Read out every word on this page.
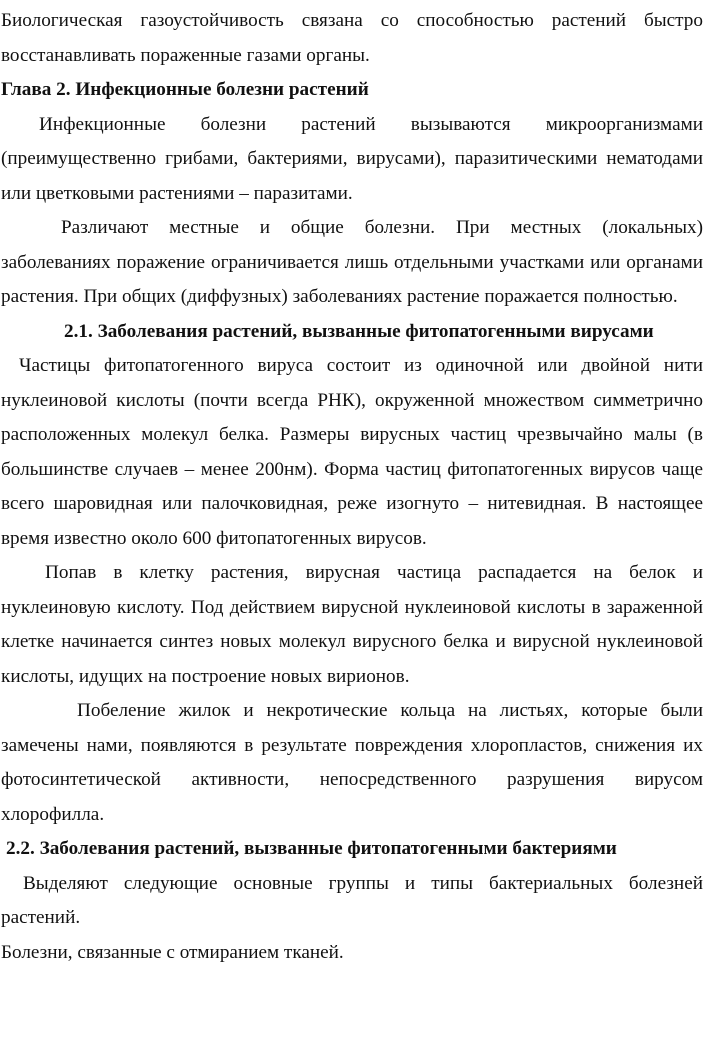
Биологическая газоустойчивость связана со способностью растений быстро восстанавливать пораженные газами органы.

Глава 2. Инфекционные болезни растений

Инфекционные болезни растений вызываются микроорганизмами (преимущественно грибами, бактериями, вирусами), паразитическими нематодами или цветковыми растениями – паразитами.

Различают местные и общие болезни. При местных (локальных) заболеваниях поражение ограничивается лишь отдельными участками или органами растения. При общих (диффузных) заболеваниях растение поражается полностью.

2.1. Заболевания растений, вызванные фитопатогенными вирусами

Частицы фитопатогенного вируса состоит из одиночной или двойной нити нуклеиновой кислоты (почти всегда РНК), окруженной множеством симметрично расположенных молекул белка. Размеры вирусных частиц чрезвычайно малы (в большинстве случаев – менее 200нм). Форма частиц фитопатогенных вирусов чаще всего шаровидная или палочковидная, реже изогнуто – нитевидная. В настоящее время известно около 600 фитопатогенных вирусов.

Попав в клетку растения, вирусная частица распадается на белок и нуклеиновую кислоту. Под действием вирусной нуклеиновой кислоты в зараженной клетке начинается синтез новых молекул вирусного белка и вирусной нуклеиновой кислоты, идущих на построение новых вирионов.

Побеление жилок и некротические кольца на листьях, которые были замечены нами, появляются в результате повреждения хлоропластов, снижения их фотосинтетической активности, непосредственного разрушения вирусом хлорофилла.

2.2. Заболевания растений, вызванные фитопатогенными бактериями

Выделяют следующие основные группы и типы бактериальных болезней растений.

Болезни, связанные с отмиранием тканей.
